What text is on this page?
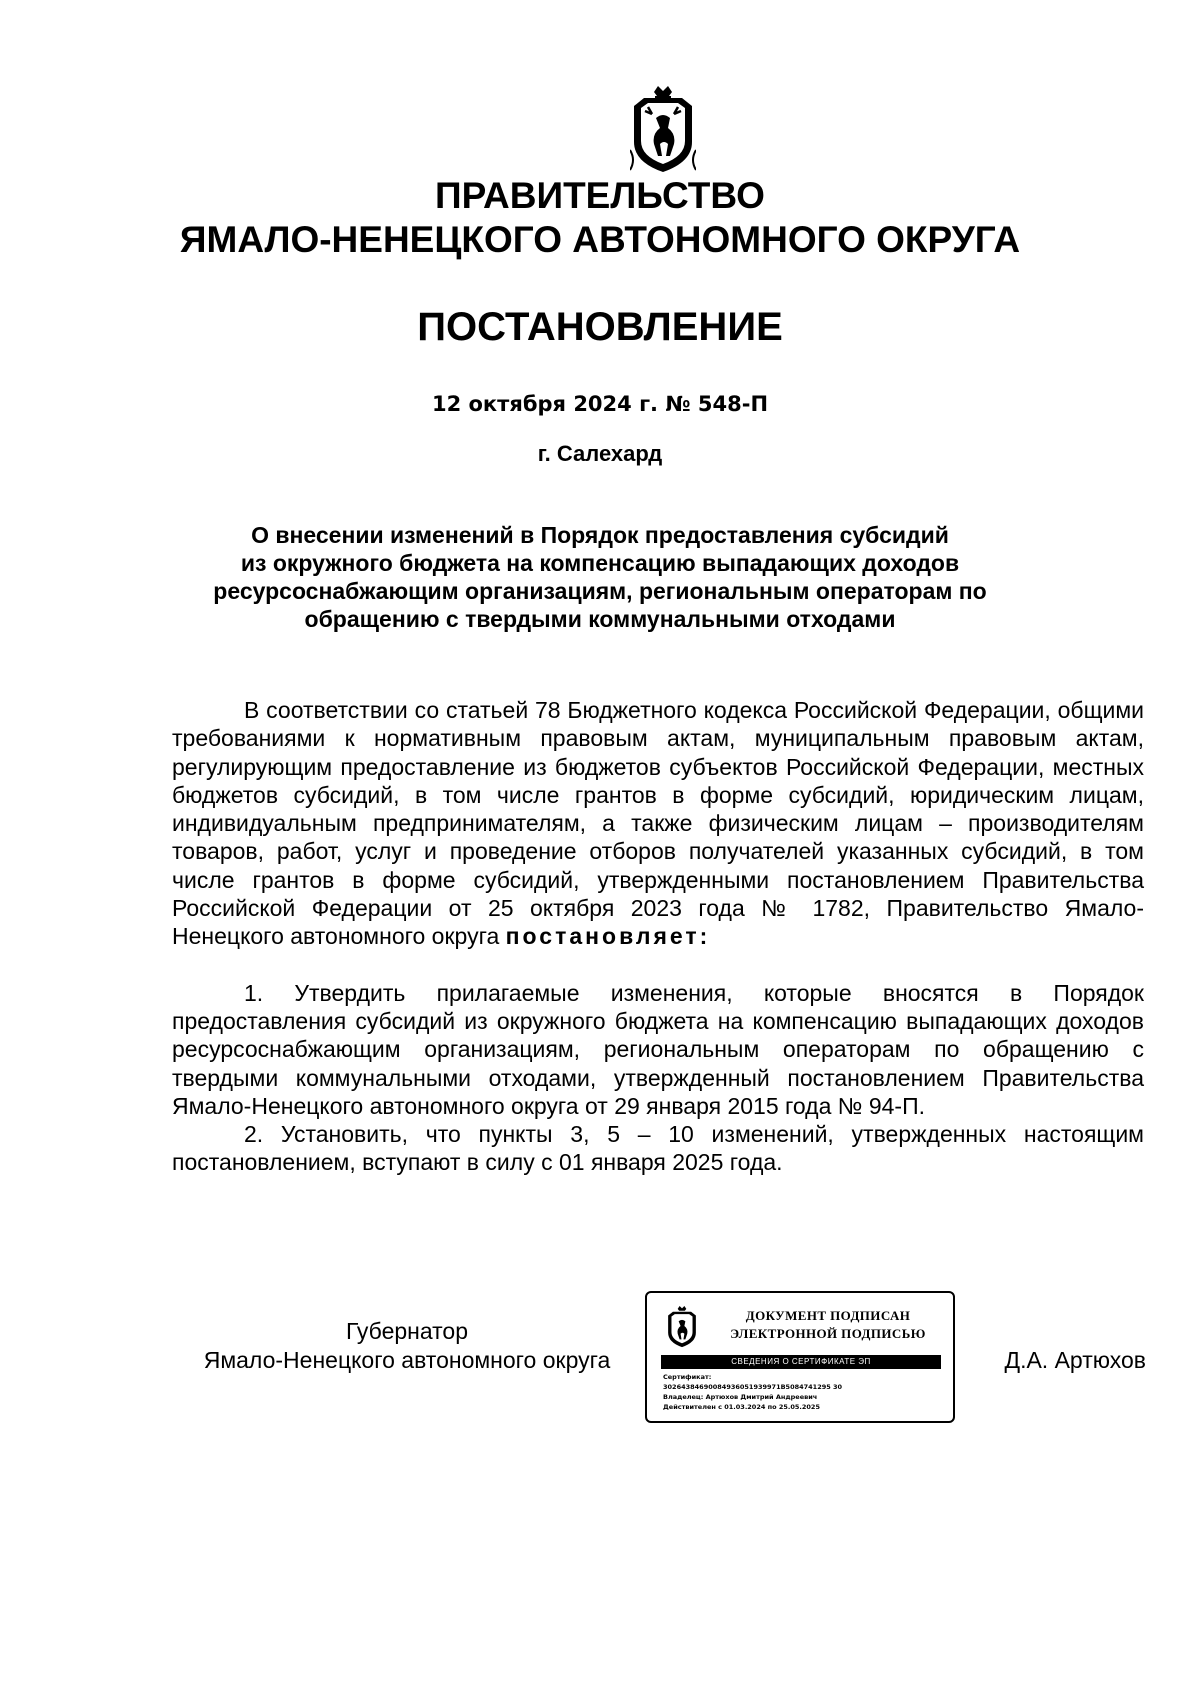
ПРАВИТЕЛЬСТВО
ЯМАЛО-НЕНЕЦКОГО АВТОНОМНОГО ОКРУГА
ПОСТАНОВЛЕНИЕ
12 октября 2024 г. № 548-П
г. Салехард
О внесении изменений в Порядок предоставления субсидий
из окружного бюджета на компенсацию выпадающих доходов
ресурсоснабжающим организациям, региональным операторам по
обращению с твердыми коммунальными отходами

В соответствии со статьей 78 Бюджетного кодекса Российской Федерации, общими требованиями к нормативным правовым актам, муниципальным правовым актам, регулирующим предоставление из бюджетов субъектов Российской Федерации, местных бюджетов субсидий, в том числе грантов в форме субсидий, юридическим лицам, индивидуальным предпринимателям, а также физическим лицам – производителям товаров, работ, услуг и проведение отборов получателей указанных субсидий, в том числе грантов в форме субсидий, утвержденными постановлением Правительства Российской Федерации от 25 октября 2023 года № 1782, Правительство Ямало-Ненецкого автономного округа постановляет:

1. Утвердить прилагаемые изменения, которые вносятся в Порядок предоставления субсидий из окружного бюджета на компенсацию выпадающих доходов ресурсоснабжающим организациям, региональным операторам по обращению с твердыми коммунальными отходами, утвержденный постановлением Правительства Ямало-Ненецкого автономного округа от 29 января 2015 года № 94-П.

2. Установить, что пункты 3, 5 – 10 изменений, утвержденных настоящим постановлением, вступают в силу с 01 января 2025 года.

Губернатор
Ямало-Ненецкого автономного округа
ДОКУМЕНТ ПОДПИСАН
ЭЛЕКТРОННОЙ ПОДПИСЬЮ
СВЕДЕНИЯ О СЕРТИФИКАТЕ ЭП
Сертификат:
30264384690084936051939971B5084741295 30
Владелец: Артюхов Дмитрий Андреевич
Действителен с 01.03.2024 по 25.05.2025
Д.А. Артюхов
